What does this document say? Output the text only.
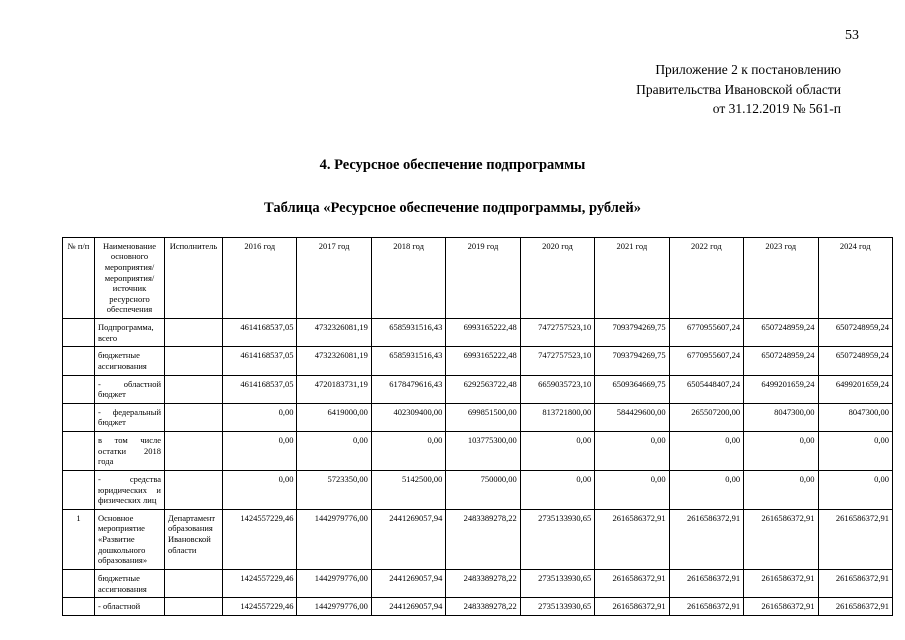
53
Приложение 2 к постановлению
Правительства Ивановской области
от 31.12.2019 № 561-п
4. Ресурсное обеспечение подпрограммы
Таблица «Ресурсное обеспечение подпрограммы, рублей»
№ п/п	Наименование основного мероприятия/мероприятия/источник ресурсного обеспечения	Исполнитель	2016 год	2017 год	2018 год	2019 год	2020 год	2021 год	2022 год	2023 год	2024 год
	Подпрограмма, всего		4614168537,05	4732326081,19	6585931516,43	6993165222,48	7472757523,10	7093794269,75	6770955607,24	6507248959,24	6507248959,24
	бюджетные ассигнования		4614168537,05	4732326081,19	6585931516,43	6993165222,48	7472757523,10	7093794269,75	6770955607,24	6507248959,24	6507248959,24
	- областной бюджет		4614168537,05	4720183731,19	6178479616,43	6292563722,48	6659035723,10	6509364669,75	6505448407,24	6499201659,24	6499201659,24
	- федеральный бюджет		0,00	6419000,00	402309400,00	699851500,00	813721800,00	584429600,00	265507200,00	8047300,00	8047300,00
	в том числе остатки 2018 года		0,00	0,00	0,00	103775300,00	0,00	0,00	0,00	0,00	0,00
	- средства юридических и физических лиц		0,00	5723350,00	5142500,00	750000,00	0,00	0,00	0,00	0,00	0,00
1	Основное мероприятие «Развитие дошкольного образования»	Департамент образования Ивановской области	1424557229,46	1442979776,00	2441269057,94	2483389278,22	2735133930,65	2616586372,91	2616586372,91	2616586372,91	2616586372,91
	бюджетные ассигнования		1424557229,46	1442979776,00	2441269057,94	2483389278,22	2735133930,65	2616586372,91	2616586372,91	2616586372,91	2616586372,91
	- областной		1424557229,46	1442979776,00	2441269057,94	2483389278,22	2735133930,65	2616586372,91	2616586372,91	2616586372,91	2616586372,91
